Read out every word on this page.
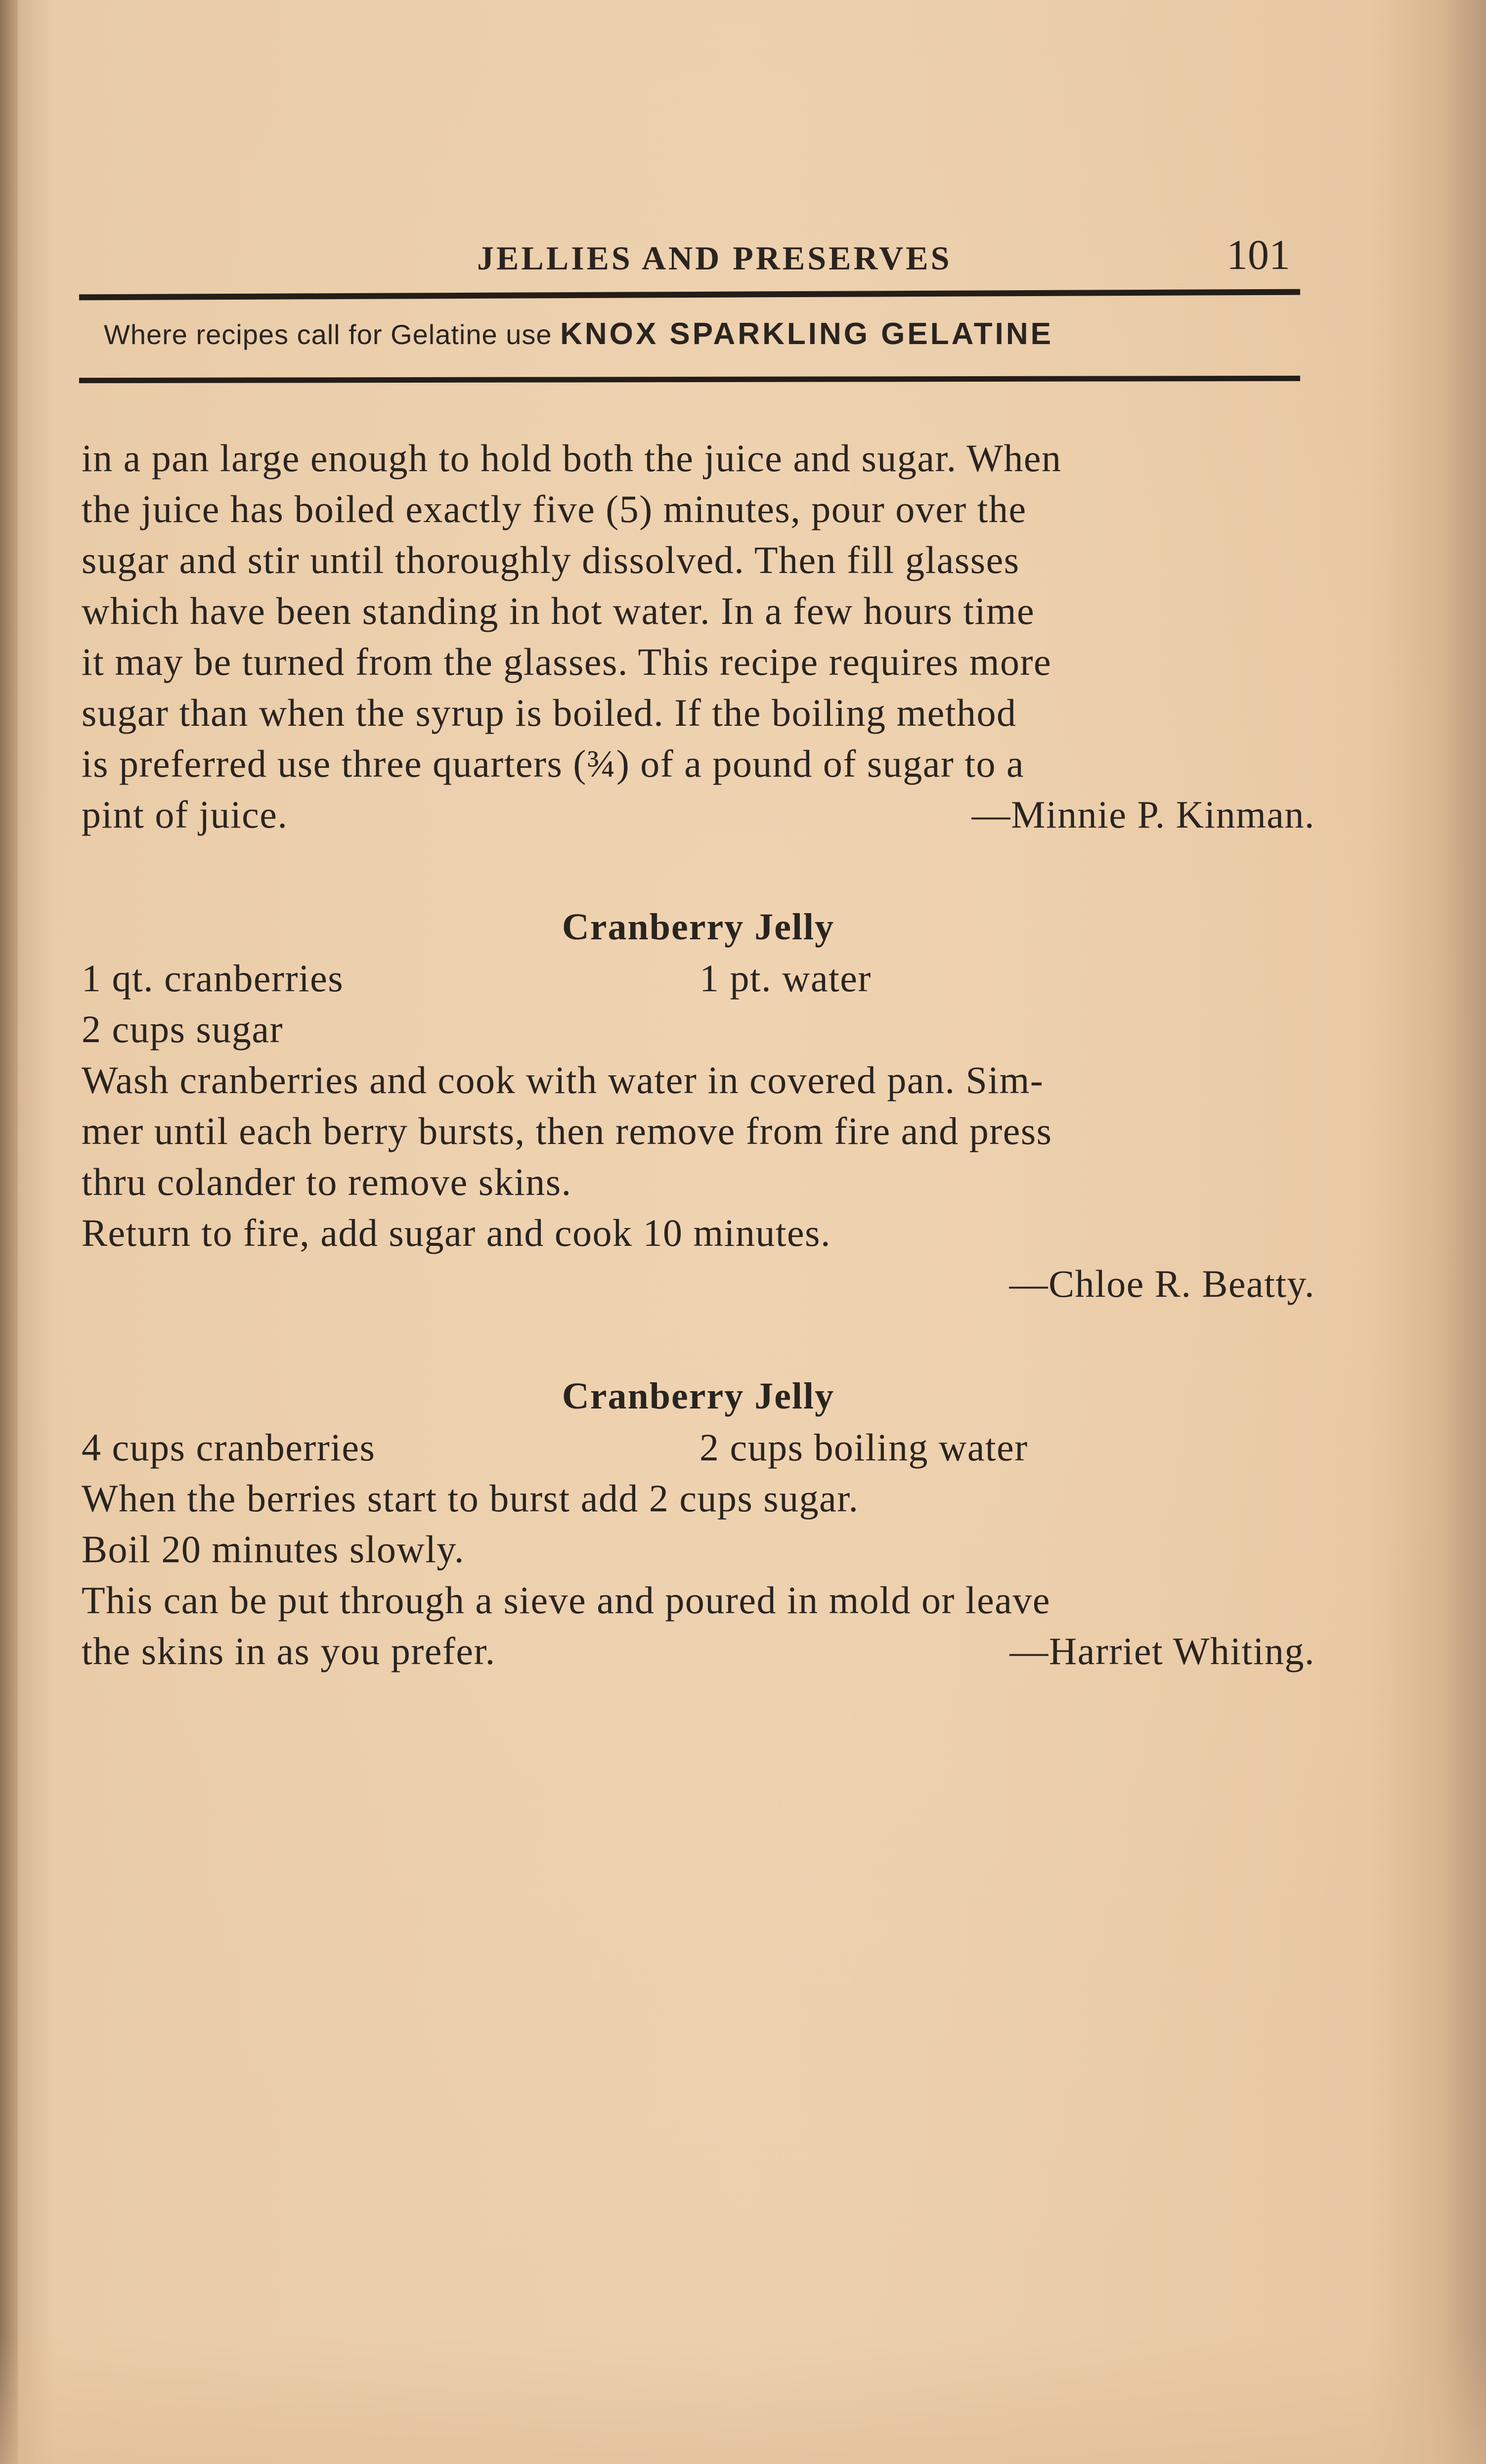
JELLIES AND PRESERVES	101
Where recipes call for Gelatine use KNOX SPARKLING GELATINE

in a pan large enough to hold both the juice and sugar. When

the juice has boiled exactly five (5) minutes, pour over the

sugar and stir until thoroughly dissolved. Then fill glasses

which have been standing in hot water. In a few hours time

it may be turned from the glasses. This recipe requires more

sugar than when the syrup is boiled. If the boiling method

is preferred use three quarters (¾) of a pound of sugar to a

pint of juice.	—Minnie P. Kinman.

Cranberry Jelly

1 qt. cranberries	1 pt. water
2 cups sugar

Wash cranberries and cook with water in covered pan. Sim-

mer until each berry bursts, then remove from fire and press

thru colander to remove skins.

Return to fire, add sugar and cook 10 minutes.

—Chloe R. Beatty.

Cranberry Jelly

4 cups cranberries	2 cups boiling water

When the berries start to burst add 2 cups sugar.

Boil 20 minutes slowly.

This can be put through a sieve and poured in mold or leave

the skins in as you prefer.	—Harriet Whiting.
